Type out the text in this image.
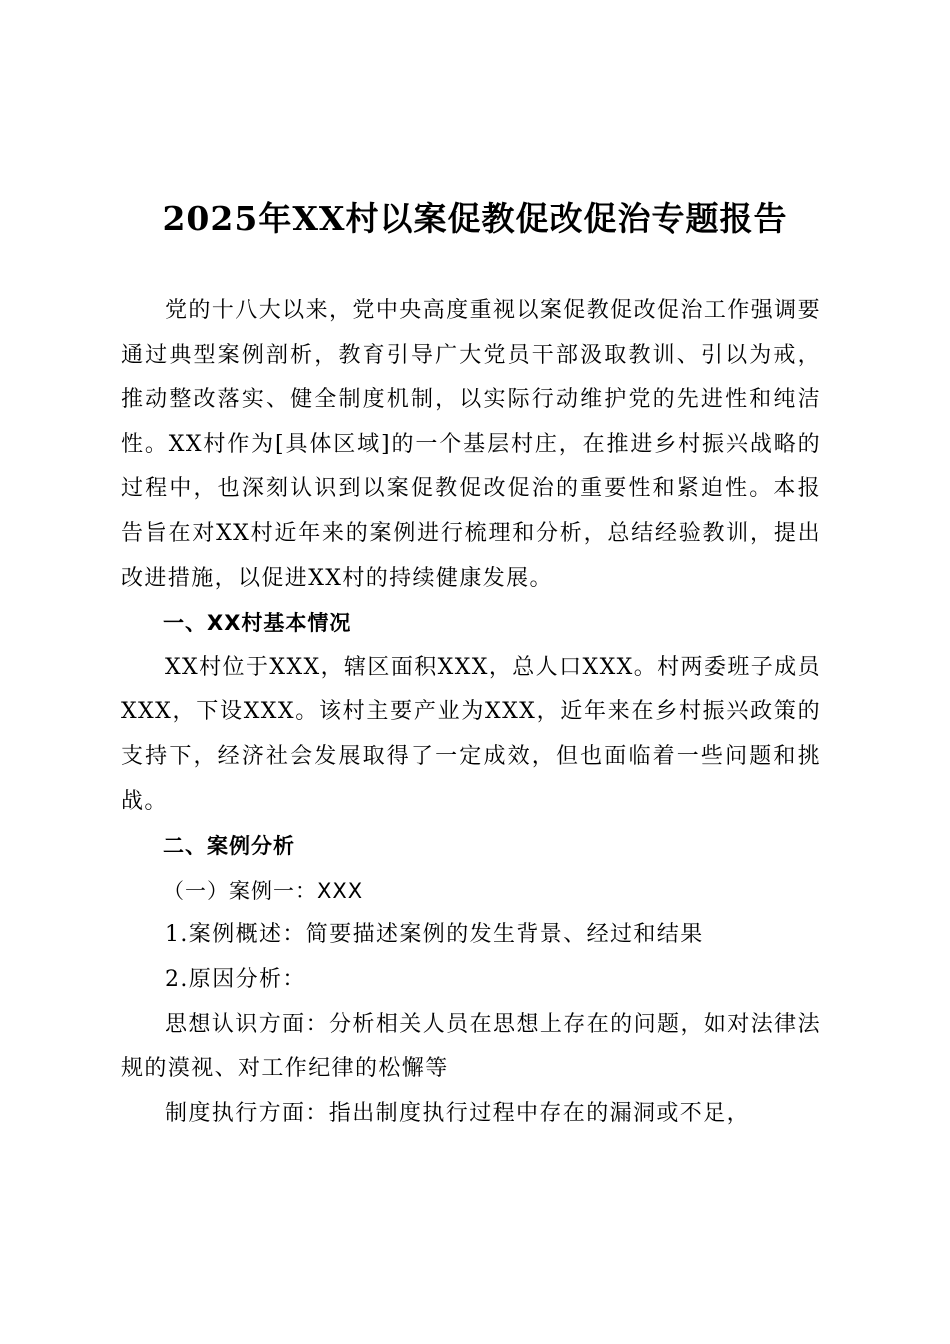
2025年XX村以案促教促改促治专题报告

党的十八大以来，党中央高度重视以案促教促改促治工作强调要通过典型案例剖析，教育引导广大党员干部汲取教训、引以为戒，推动整改落实、健全制度机制，以实际行动维护党的先进性和纯洁性。XX村作为[具体区域]的一个基层村庄，在推进乡村振兴战略的过程中，也深刻认识到以案促教促改促治的重要性和紧迫性。本报告旨在对XX村近年来的案例进行梳理和分析，总结经验教训，提出改进措施，以促进XX村的持续健康发展。

一、XX村基本情况

XX村位于XXX，辖区面积XXX，总人口XXX。村两委班子成员XXX，下设XXX。该村主要产业为XXX，近年来在乡村振兴政策的支持下，经济社会发展取得了一定成效，但也面临着一些问题和挑战。

二、案例分析

（一）案例一：XXX

1.案例概述：简要描述案例的发生背景、经过和结果

2.原因分析：

思想认识方面：分析相关人员在思想上存在的问题，如对法律法规的漠视、对工作纪律的松懈等

制度执行方面：指出制度执行过程中存在的漏洞或不足，
